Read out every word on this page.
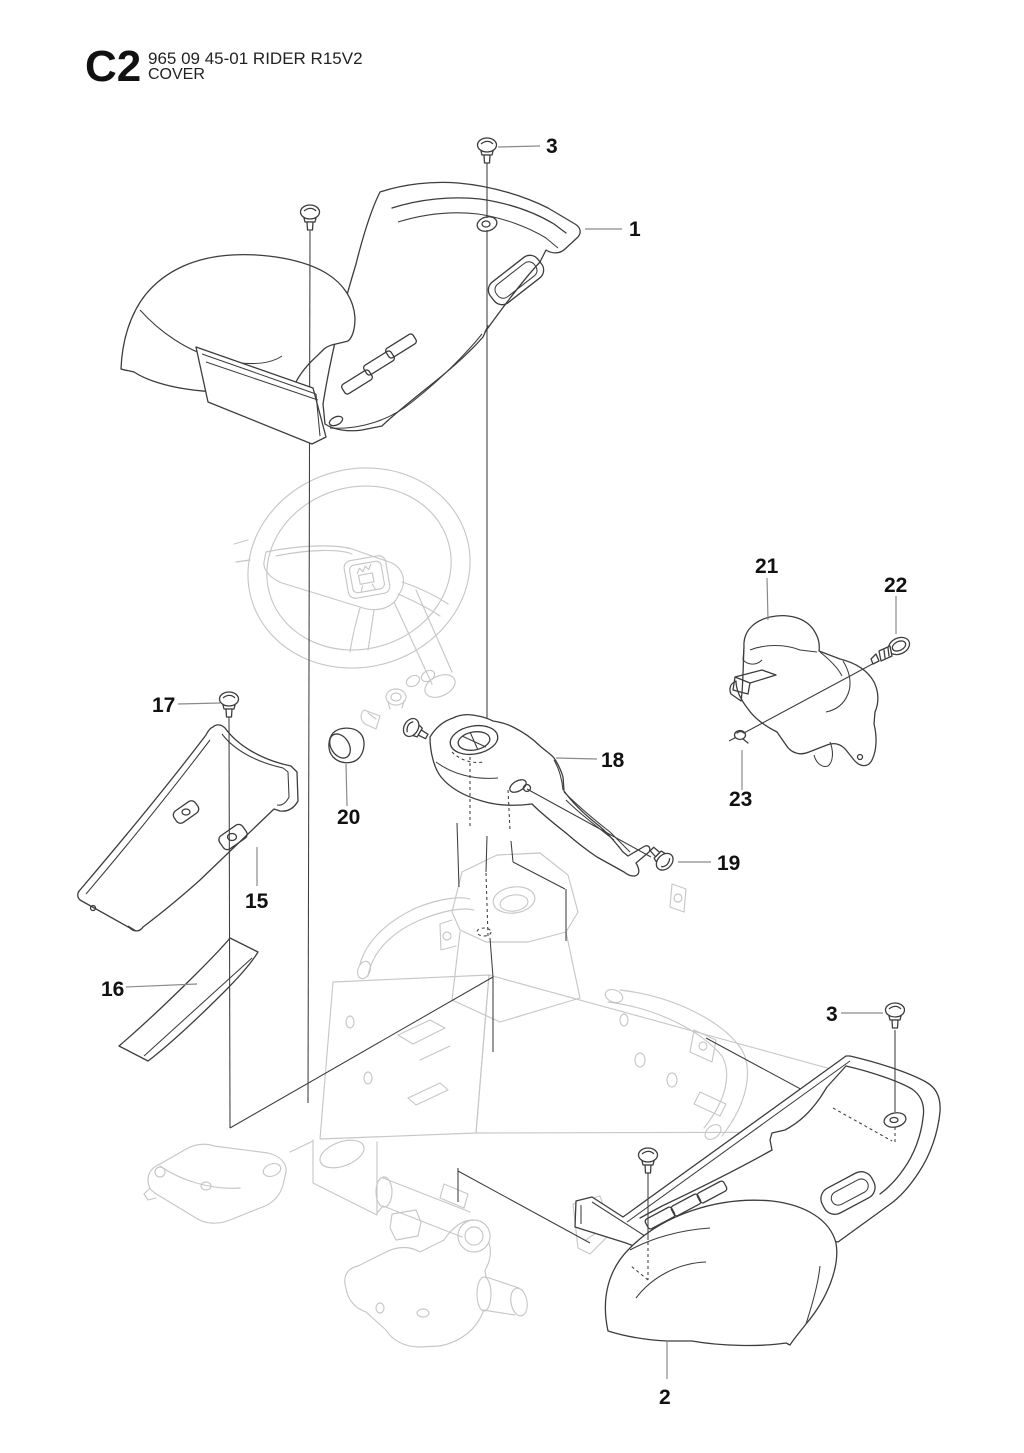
C2 965 09 45-01 RIDER R15V2
COVER
3
1
17
20
15
16
18
19
21
22
23
3
2
